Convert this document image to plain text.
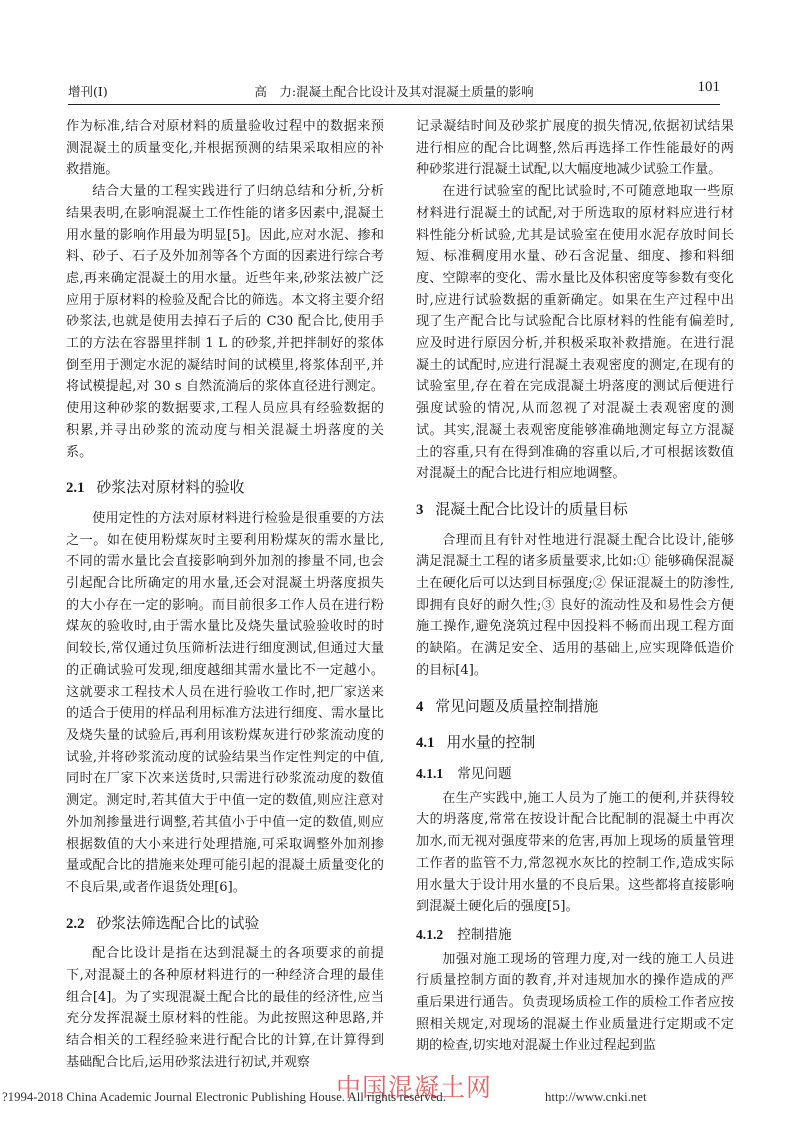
增刊(Ⅰ)	高　力:混凝土配合比设计及其对混凝土质量的影响	101

作为标准,结合对原材料的质量验收过程中的数据来预测混凝土的质量变化,并根据预测的结果采取相应的补救措施。

结合大量的工程实践进行了归纳总结和分析,分析结果表明,在影响混凝土工作性能的诸多因素中,混凝土用水量的影响作用最为明显[5]。因此,应对水泥、掺和料、砂子、石子及外加剂等各个方面的因素进行综合考虑,再来确定混凝土的用水量。近些年来,砂浆法被广泛应用于原材料的检验及配合比的筛选。本文将主要介绍砂浆法,也就是使用去掉石子后的 C30 配合比,使用手工的方法在容器里拌制 1 L 的砂浆,并把拌制好的浆体倒至用于测定水泥的凝结时间的试模里,将浆体刮平,并将试模提起,对 30 s 自然流淌后的浆体直径进行测定。使用这种砂浆的数据要求,工程人员应具有经验数据的积累,并寻出砂浆的流动度与相关混凝土坍落度的关系。

2.1 砂浆法对原材料的验收

使用定性的方法对原材料进行检验是很重要的方法之一。如在使用粉煤灰时主要利用粉煤灰的需水量比,不同的需水量比会直接影响到外加剂的掺量不同,也会引起配合比所确定的用水量,还会对混凝土坍落度损失的大小存在一定的影响。而目前很多工作人员在进行粉煤灰的验收时,由于需水量比及烧失量试验验收时的时间较长,常仅通过负压筛析法进行细度测试,但通过大量的正确试验可发现,细度越细其需水量比不一定越小。这就要求工程技术人员在进行验收工作时,把厂家送来的适合于使用的样品利用标准方法进行细度、需水量比及烧失量的试验后,再利用该粉煤灰进行砂浆流动度的试验,并将砂浆流动度的试验结果当作定性判定的中值,同时在厂家下次来送货时,只需进行砂浆流动度的数值测定。测定时,若其值大于中值一定的数值,则应注意对外加剂掺量进行调整,若其值小于中值一定的数值,则应根据数值的大小来进行处理措施,可采取调整外加剂掺量或配合比的措施来处理可能引起的混凝土质量变化的不良后果,或者作退货处理[6]。

2.2 砂浆法筛选配合比的试验

配合比设计是指在达到混凝土的各项要求的前提下,对混凝土的各种原材料进行的一种经济合理的最佳组合[4]。为了实现混凝土配合比的最佳的经济性,应当充分发挥混凝土原材料的性能。为此按照这种思路,并结合相关的工程经验来进行配合比的计算,在计算得到基础配合比后,运用砂浆法进行初试,并观察

记录凝结时间及砂浆扩展度的损失情况,依据初试结果进行相应的配合比调整,然后再选择工作性能最好的两种砂浆进行混凝土试配,以大幅度地减少试验工作量。

在进行试验室的配比试验时,不可随意地取一些原材料进行混凝土的试配,对于所选取的原材料应进行材料性能分析试验,尤其是试验室在使用水泥存放时间长短、标准稠度用水量、砂石含泥量、细度、掺和料细度、空隙率的变化、需水量比及体积密度等参数有变化时,应进行试验数据的重新确定。如果在生产过程中出现了生产配合比与试验配合比原材料的性能有偏差时,应及时进行原因分析,并积极采取补救措施。在进行混凝土的试配时,应进行混凝土表观密度的测定,在现有的试验室里,存在着在完成混凝土坍落度的测试后便进行强度试验的情况,从而忽视了对混凝土表观密度的测试。其实,混凝土表观密度能够准确地测定每立方混凝土的容重,只有在得到准确的容重以后,才可根据该数值对混凝土的配合比进行相应地调整。

3 混凝土配合比设计的质量目标

合理而且有针对性地进行混凝土配合比设计,能够满足混凝土工程的诸多质量要求,比如:① 能够确保混凝土在硬化后可以达到目标强度;② 保证混凝土的防渗性,即拥有良好的耐久性;③ 良好的流动性及和易性会方便施工操作,避免浇筑过程中因投料不畅而出现工程方面的缺陷。在满足安全、适用的基础上,应实现降低造价的目标[4]。

4 常见问题及质量控制措施
4.1 用水量的控制
4.1.1 常见问题

在生产实践中,施工人员为了施工的便利,并获得较大的坍落度,常常在按设计配合比配制的混凝土中再次加水,而无视对强度带来的危害,再加上现场的质量管理工作者的监管不力,常忽视水灰比的控制工作,造成实际用水量大于设计用水量的不良后果。这些都将直接影响到混凝土硬化后的强度[5]。

4.1.2 控制措施

加强对施工现场的管理力度,对一线的施工人员进行质量控制方面的教育,并对违规加水的操作造成的严重后果进行通告。负责现场质检工作的质检工作者应按照相关规定,对现场的混凝土作业质量进行定期或不定期的检查,切实地对混凝土作业过程起到监

中国混凝土网
?1994-2018 China Academic Journal Electronic Publishing House. All rights reserved.	http://www.cnki.net
